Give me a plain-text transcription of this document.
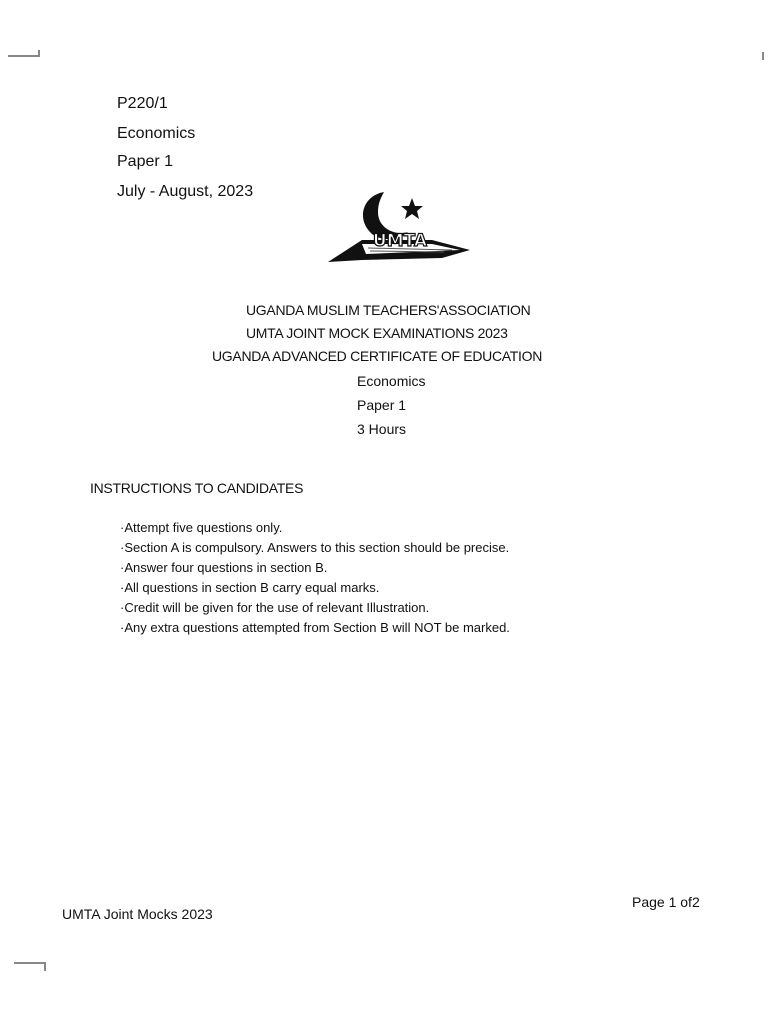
P220/1
Economics
Paper 1
July - August, 2023
UMTA
UGANDA MUSLIM TEACHERS'ASSOCIATION
UMTA JOINT MOCK EXAMINATIONS 2023
UGANDA ADVANCED CERTIFICATE OF EDUCATION
Economics
Paper 1
3 Hours
INSTRUCTIONS TO CANDIDATES
·Attempt five questions only.
·Section A is compulsory. Answers to this section should be precise.
·Answer four questions in section B.
·All questions in section B carry equal marks.
·Credit will be given for the use of relevant Illustration.
·Any extra questions attempted from Section B will NOT be marked.
UMTA Joint Mocks 2023
Page 1 of2
